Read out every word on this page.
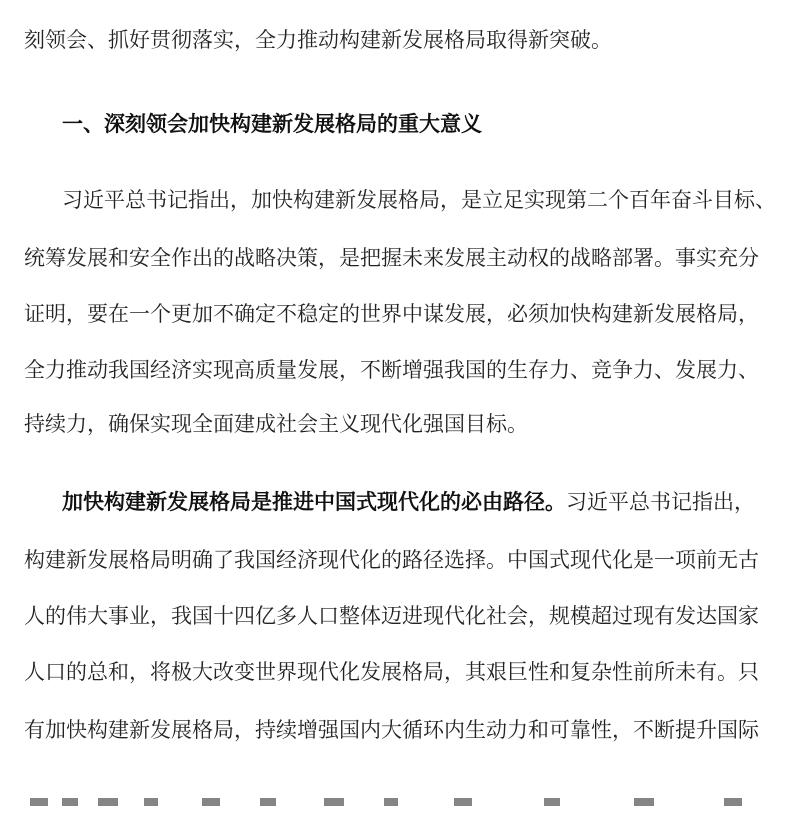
刻领会、抓好贯彻落实，全力推动构建新发展格局取得新突破。
一、深刻领会加快构建新发展格局的重大意义
习近平总书记指出，加快构建新发展格局，是立足实现第二个百年奋斗目标、
统筹发展和安全作出的战略决策，是把握未来发展主动权的战略部署。事实充分
证明，要在一个更加不确定不稳定的世界中谋发展，必须加快构建新发展格局，
全力推动我国经济实现高质量发展，不断增强我国的生存力、竞争力、发展力、
持续力，确保实现全面建成社会主义现代化强国目标。
加快构建新发展格局是推进中国式现代化的必由路径。习近平总书记指出，
构建新发展格局明确了我国经济现代化的路径选择。中国式现代化是一项前无古
人的伟大事业，我国十四亿多人口整体迈进现代化社会，规模超过现有发达国家
人口的总和，将极大改变世界现代化发展格局，其艰巨性和复杂性前所未有。只
有加快构建新发展格局，持续增强国内大循环内生动力和可靠性，不断提升国际
